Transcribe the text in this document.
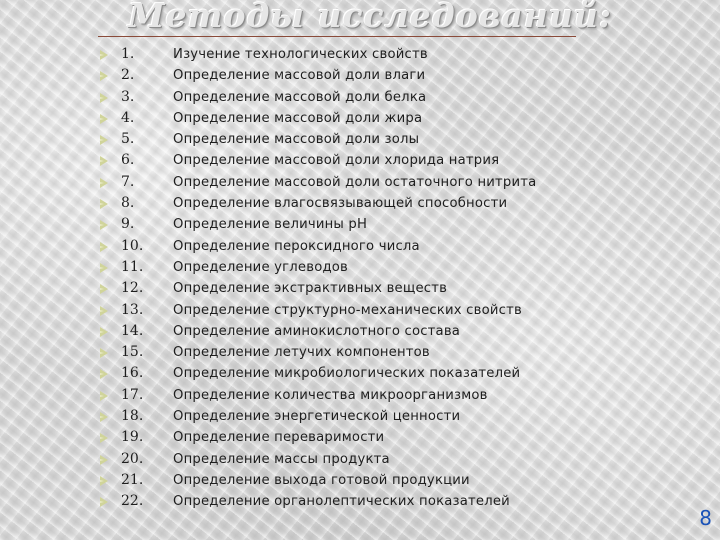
Методы исследований:
1.	Изучение технологических свойств
2.	Определение массовой доли влаги
3.	Определение массовой доли белка
4.	Определение массовой доли жира
5.	Определение массовой доли золы
6.	Определение массовой доли хлорида натрия
7.	Определение массовой доли остаточного нитрита
8.	Определение влагосвязывающей способности
9.	Определение величины pH
10. Определение пероксидного числа
11. Определение углеводов
12. Определение экстрактивных веществ
13. Определение структурно-механических свойств
14. Определение аминокислотного состава
15. Определение летучих компонентов
16. Определение микробиологических показателей
17. Определение количества микроорганизмов
18. Определение энергетической ценности
19. Определение переваримости
20. Определение массы продукта
21. Определение выхода готовой продукции
22. Определение органолептических показателей
8
